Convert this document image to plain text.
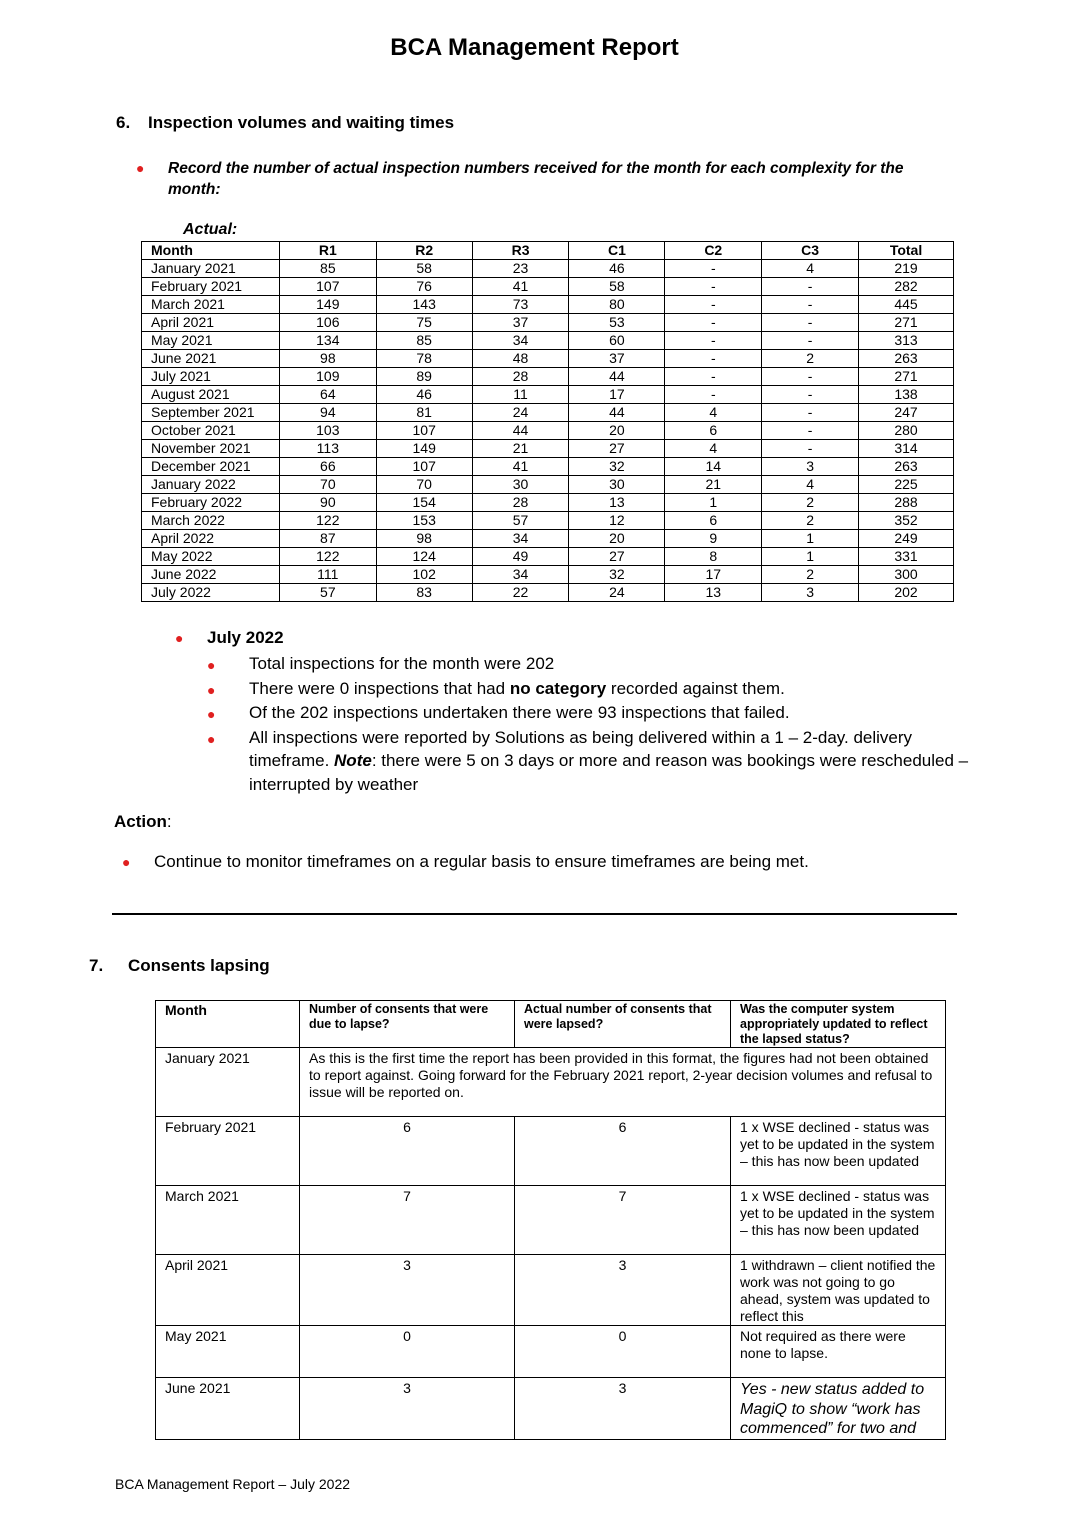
BCA Management Report
6. Inspection volumes and waiting times
● Record the number of actual inspection numbers received for the month for each complexity for the month:
Actual:
Month	R1	R2	R3	C1	C2	C3	Total
January 2021	85	58	23	46	-	4	219
February 2021	107	76	41	58	-	-	282
March 2021	149	143	73	80	-	-	445
April 2021	106	75	37	53	-	-	271
May 2021	134	85	34	60	-	-	313
June 2021	98	78	48	37	-	2	263
July 2021	109	89	28	44	-	-	271
August 2021	64	46	11	17	-	-	138
September 2021	94	81	24	44	4	-	247
October 2021	103	107	44	20	6	-	280
November 2021	113	149	21	27	4	-	314
December 2021	66	107	41	32	14	3	263
January 2022	70	70	30	30	21	4	225
February 2022	90	154	28	13	1	2	288
March 2022	122	153	57	12	6	2	352
April 2022	87	98	34	20	9	1	249
May 2022	122	124	49	27	8	1	331
June 2022	111	102	34	32	17	2	300
July 2022	57	83	22	24	13	3	202
● July 2022
● Total inspections for the month were 202
● There were 0 inspections that had no category recorded against them.
● Of the 202 inspections undertaken there were 93 inspections that failed.
● All inspections were reported by Solutions as being delivered within a 1 – 2-day. delivery timeframe. Note: there were 5 on 3 days or more and reason was bookings were rescheduled – interrupted by weather
Action:
● Continue to monitor timeframes on a regular basis to ensure timeframes are being met.
7. Consents lapsing
Month	Number of consents that were due to lapse?	Actual number of consents that were lapsed?	Was the computer system appropriately updated to reflect the lapsed status?
January 2021	As this is the first time the report has been provided in this format, the figures had not been obtained to report against. Going forward for the February 2021 report, 2-year decision volumes and refusal to issue will be reported on.		
February 2021	6	6	1 x WSE declined - status was yet to be updated in the system – this has now been updated
March 2021	7	7	1 x WSE declined - status was yet to be updated in the system – this has now been updated
April 2021	3	3	1 withdrawn – client notified the work was not going to go ahead, system was updated to reflect this
May 2021	0	0	Not required as there were none to lapse.
June 2021	3	3	Yes - new status added to MagiQ to show “work has commenced” for two and
BCA Management Report – July 2022
